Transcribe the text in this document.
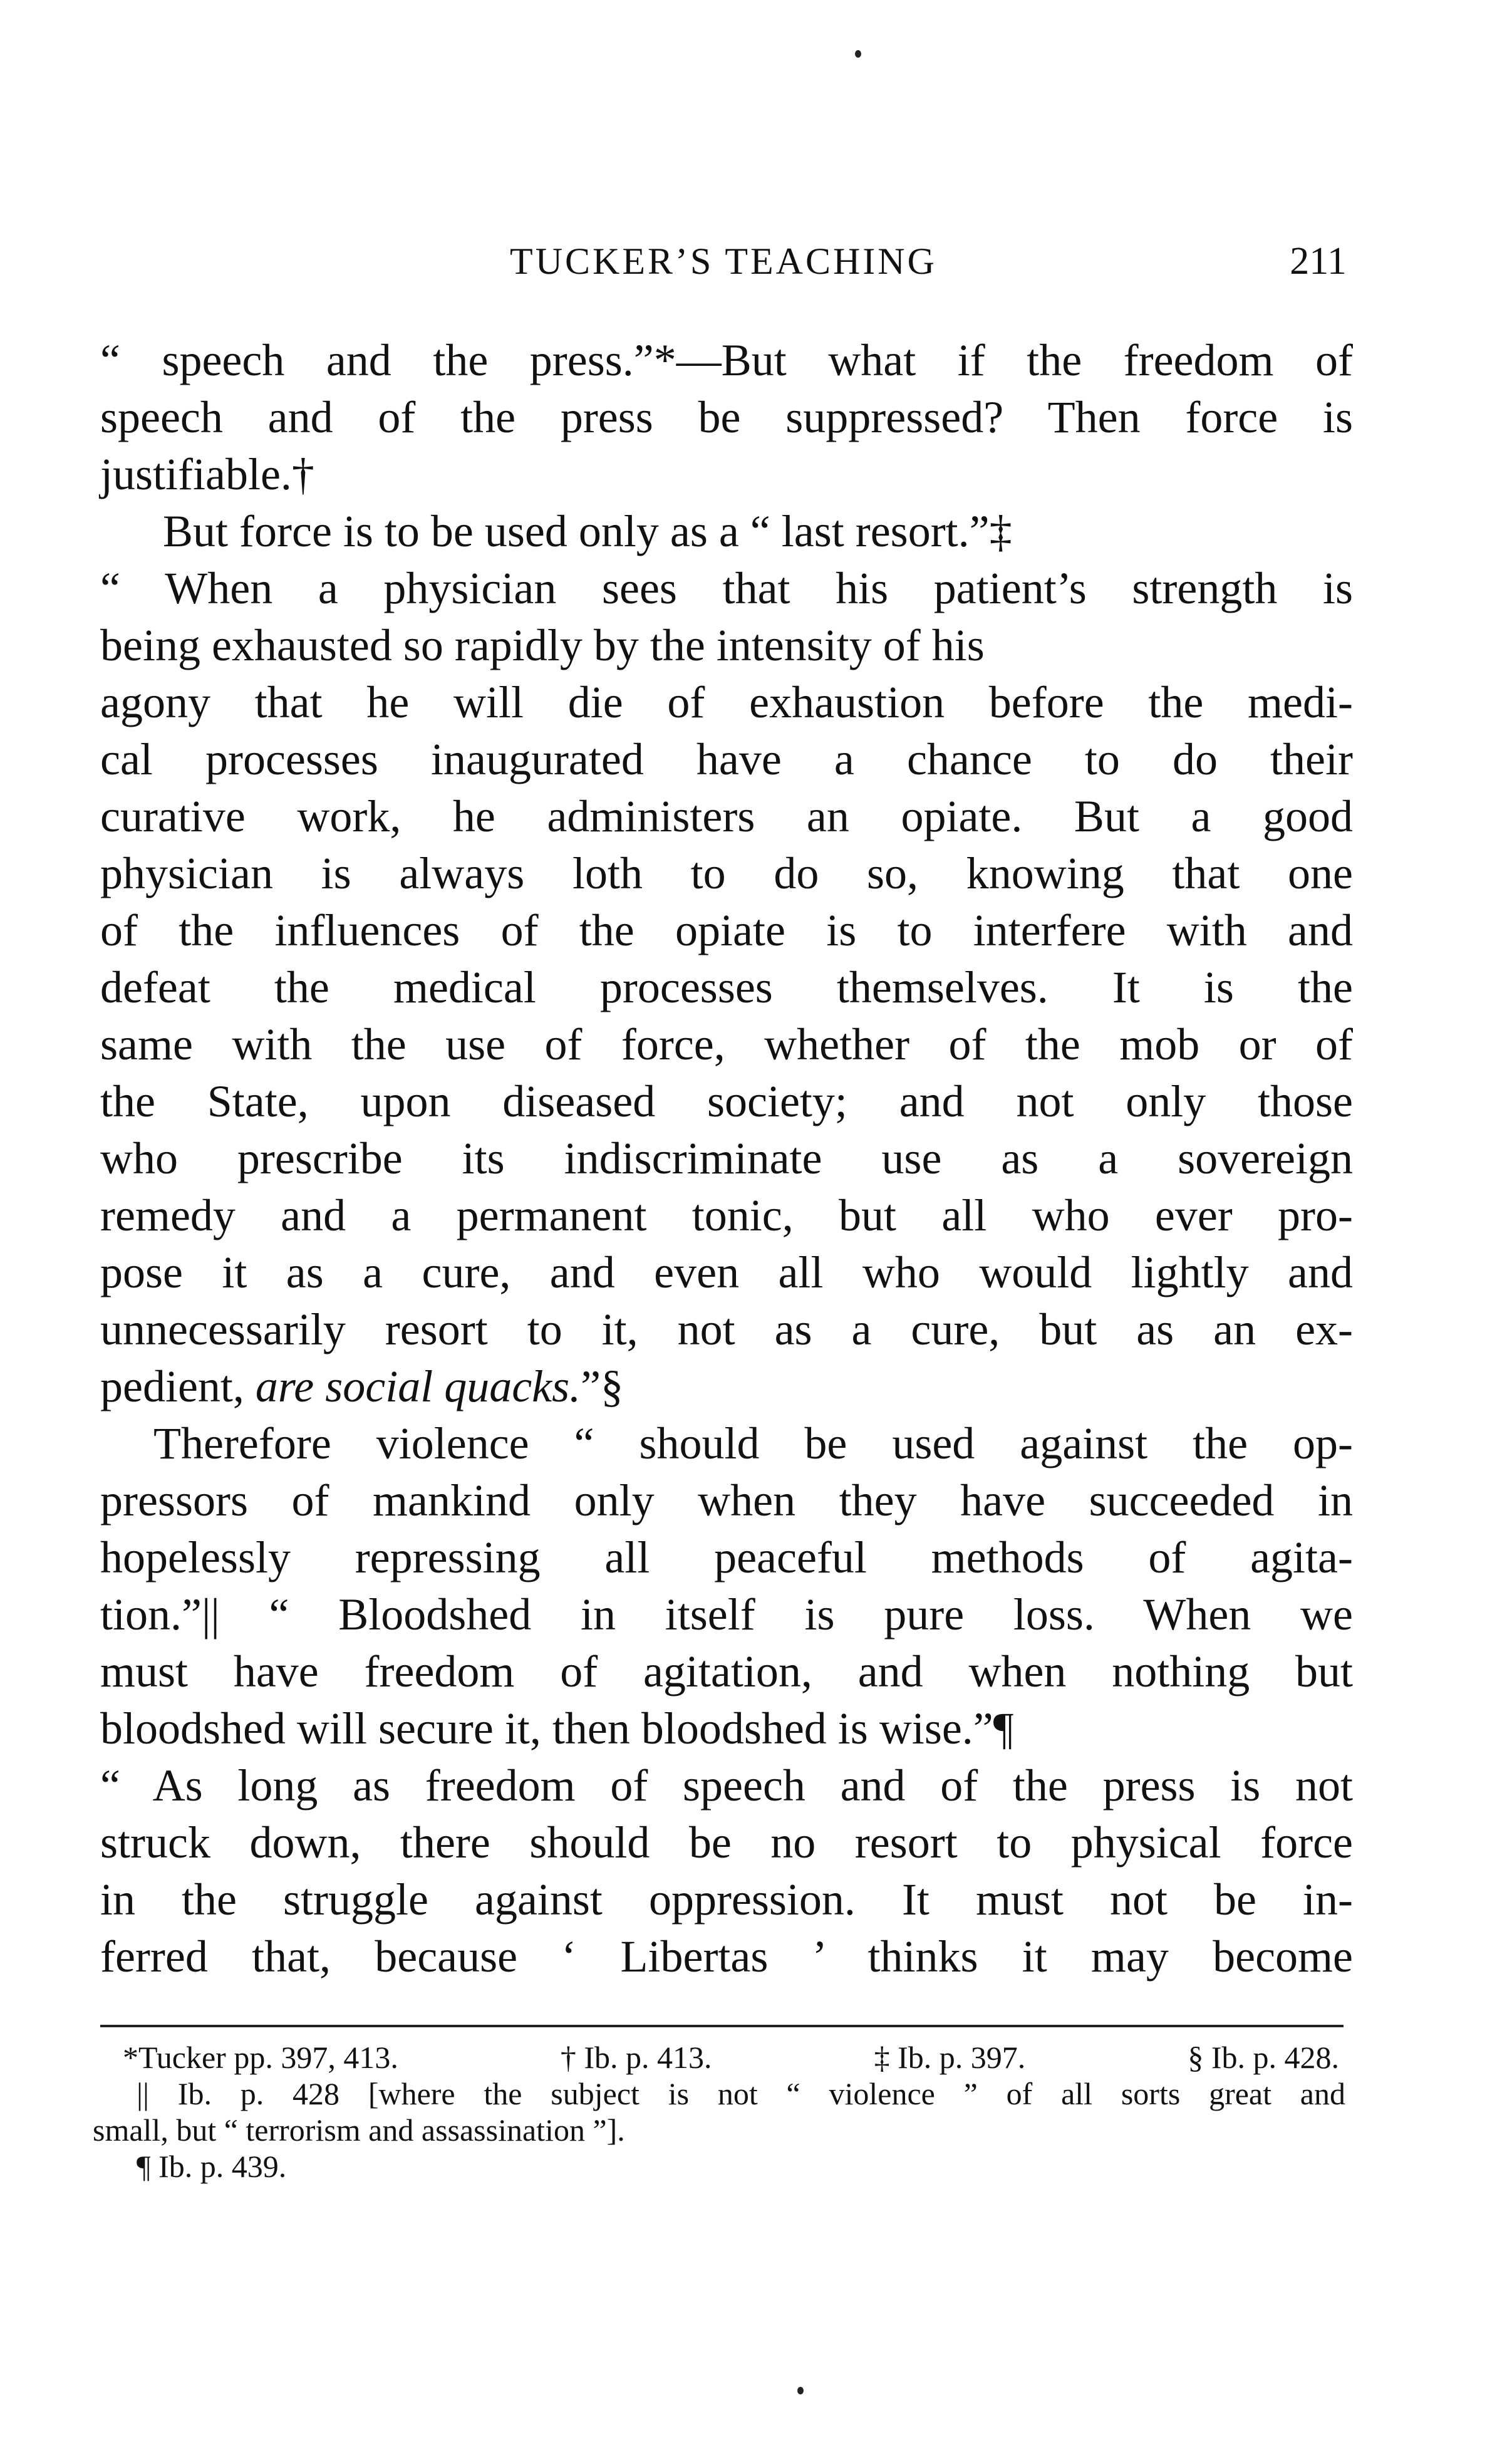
TUCKER’S TEACHING	211
“ speech and the press.”*—But what if the freedom of
speech and of the press be suppressed? Then force is
justifiable.†
But force is to be used only as a “ last resort.”‡
“ When a physician sees that his patient’s strength is
being exhausted so rapidly by the intensity of his
agony that he will die of exhaustion before the medi-
cal processes inaugurated have a chance to do their
curative work, he administers an opiate. But a good
physician is always loth to do so, knowing that one
of the influences of the opiate is to interfere with and
defeat the medical processes themselves. It is the
same with the use of force, whether of the mob or of
the State, upon diseased society; and not only those
who prescribe its indiscriminate use as a sovereign
remedy and a permanent tonic, but all who ever pro-
pose it as a cure, and even all who would lightly and
unnecessarily resort to it, not as a cure, but as an ex-
pedient, are social quacks.”§
Therefore violence “ should be used against the op-
pressors of mankind only when they have succeeded in
hopelessly repressing all peaceful methods of agita-
tion.”|| “ Bloodshed in itself is pure loss. When we
must have freedom of agitation, and when nothing but
bloodshed will secure it, then bloodshed is wise.”¶
“ As long as freedom of speech and of the press is not
struck down, there should be no resort to physical force
in the struggle against oppression. It must not be in-
ferred that, because ‘ Libertas ’ thinks it may become
*Tucker pp. 397, 413.	† Ib. p. 413.	‡ Ib. p. 397.	§ Ib. p. 428.
|| Ib. p. 428 [where the subject is not “ violence ” of all sorts great and
small, but “ terrorism and assassination ”].
¶ Ib. p. 439.
